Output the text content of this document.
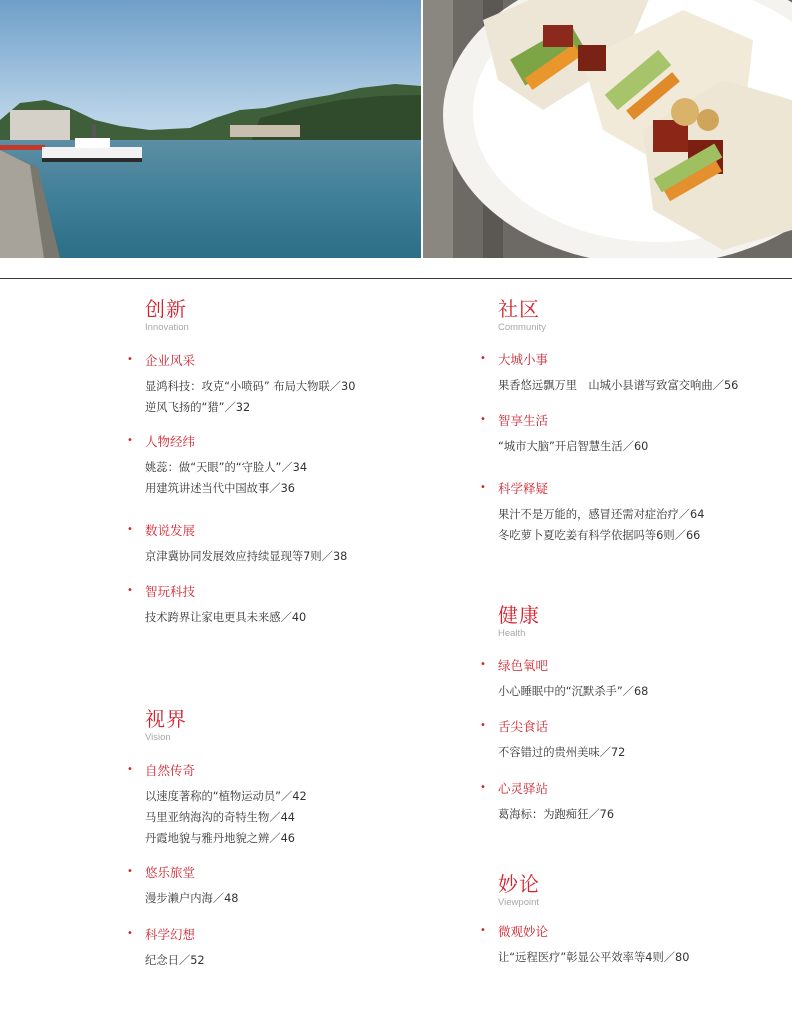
创新
Innovation
• 企业风采
显鸿科技：攻克“小喷码” 布局大物联／30
逆风飞扬的“猎”／32
• 人物经纬
姚蕊：做“天眼”的“守脸人”／34
用建筑讲述当代中国故事／36
• 数说发展
京津冀协同发展效应持续显现等7则／38
• 智玩科技
技术跨界让家电更具未来感／40
视界
Vision
• 自然传奇
以速度著称的“植物运动员”／42
马里亚纳海沟的奇特生物／44
丹霞地貌与雅丹地貌之辨／46
• 悠乐旅堂
漫步濑户内海／48
• 科学幻想
纪念日／52
社区
Community
• 大城小事
果香悠远飘万里　山城小县谱写致富交响曲／56
• 智享生活
“城市大脑”开启智慧生活／60
• 科学释疑
果汁不是万能的，感冒还需对症治疗／64
冬吃萝卜夏吃姜有科学依据吗等6则／66
健康
Health
• 绿色氧吧
小心睡眠中的“沉默杀手”／68
• 舌尖食话
不容错过的贵州美味／72
• 心灵驿站
葛海标：为跑痴狂／76
妙论
Viewpoint
• 微观妙论
让“远程医疗”彰显公平效率等4则／80
